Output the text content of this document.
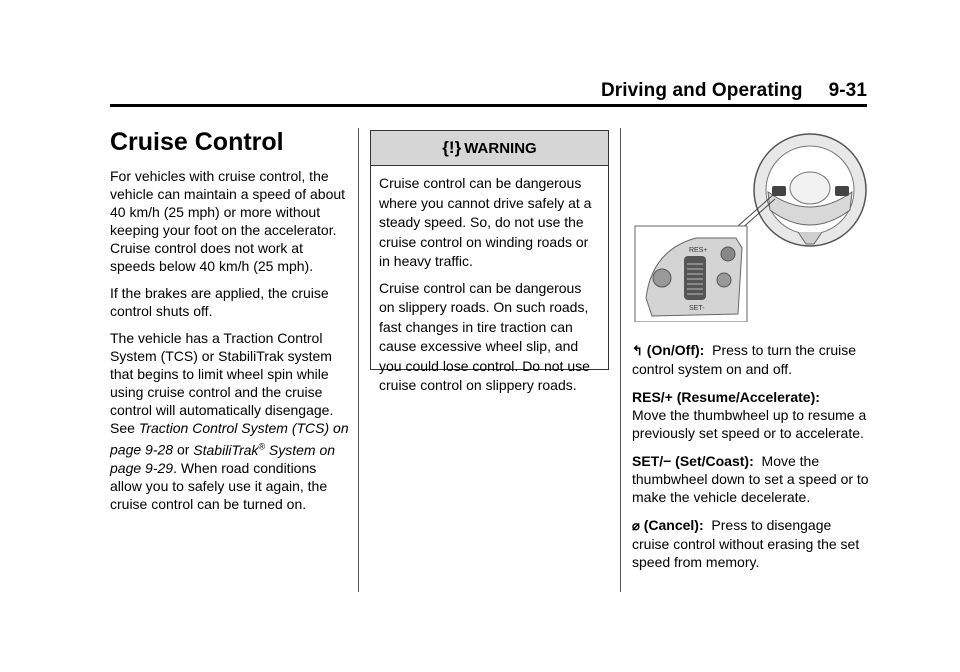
Driving and Operating 9-31
Cruise Control

For vehicles with cruise control, the vehicle can maintain a speed of about 40 km/h (25 mph) or more without keeping your foot on the accelerator. Cruise control does not work at speeds below 40 km/h (25 mph).

If the brakes are applied, the cruise control shuts off.

The vehicle has a Traction Control System (TCS) or StabiliTrak system that begins to limit wheel spin while using cruise control and the cruise control will automatically disengage. See Traction Control System (TCS) on page 9-28 or StabiliTrak® System on page 9-29. When road conditions allow you to safely use it again, the cruise control can be turned on.

{!} WARNING

Cruise control can be dangerous where you cannot drive safely at a steady speed. So, do not use the cruise control on winding roads or in heavy traffic.

Cruise control can be dangerous on slippery roads. On such roads, fast changes in tire traction can cause excessive wheel slip, and you could lose control. Do not use cruise control on slippery roads.

RES+
SET-

↰ (On/Off): Press to turn the cruise control system on and off.

RES/+ (Resume/Accelerate):
Move the thumbwheel up to resume a previously set speed or to accelerate.

SET/− (Set/Coast): Move the thumbwheel down to set a speed or to make the vehicle decelerate.

⌀ (Cancel): Press to disengage cruise control without erasing the set speed from memory.
